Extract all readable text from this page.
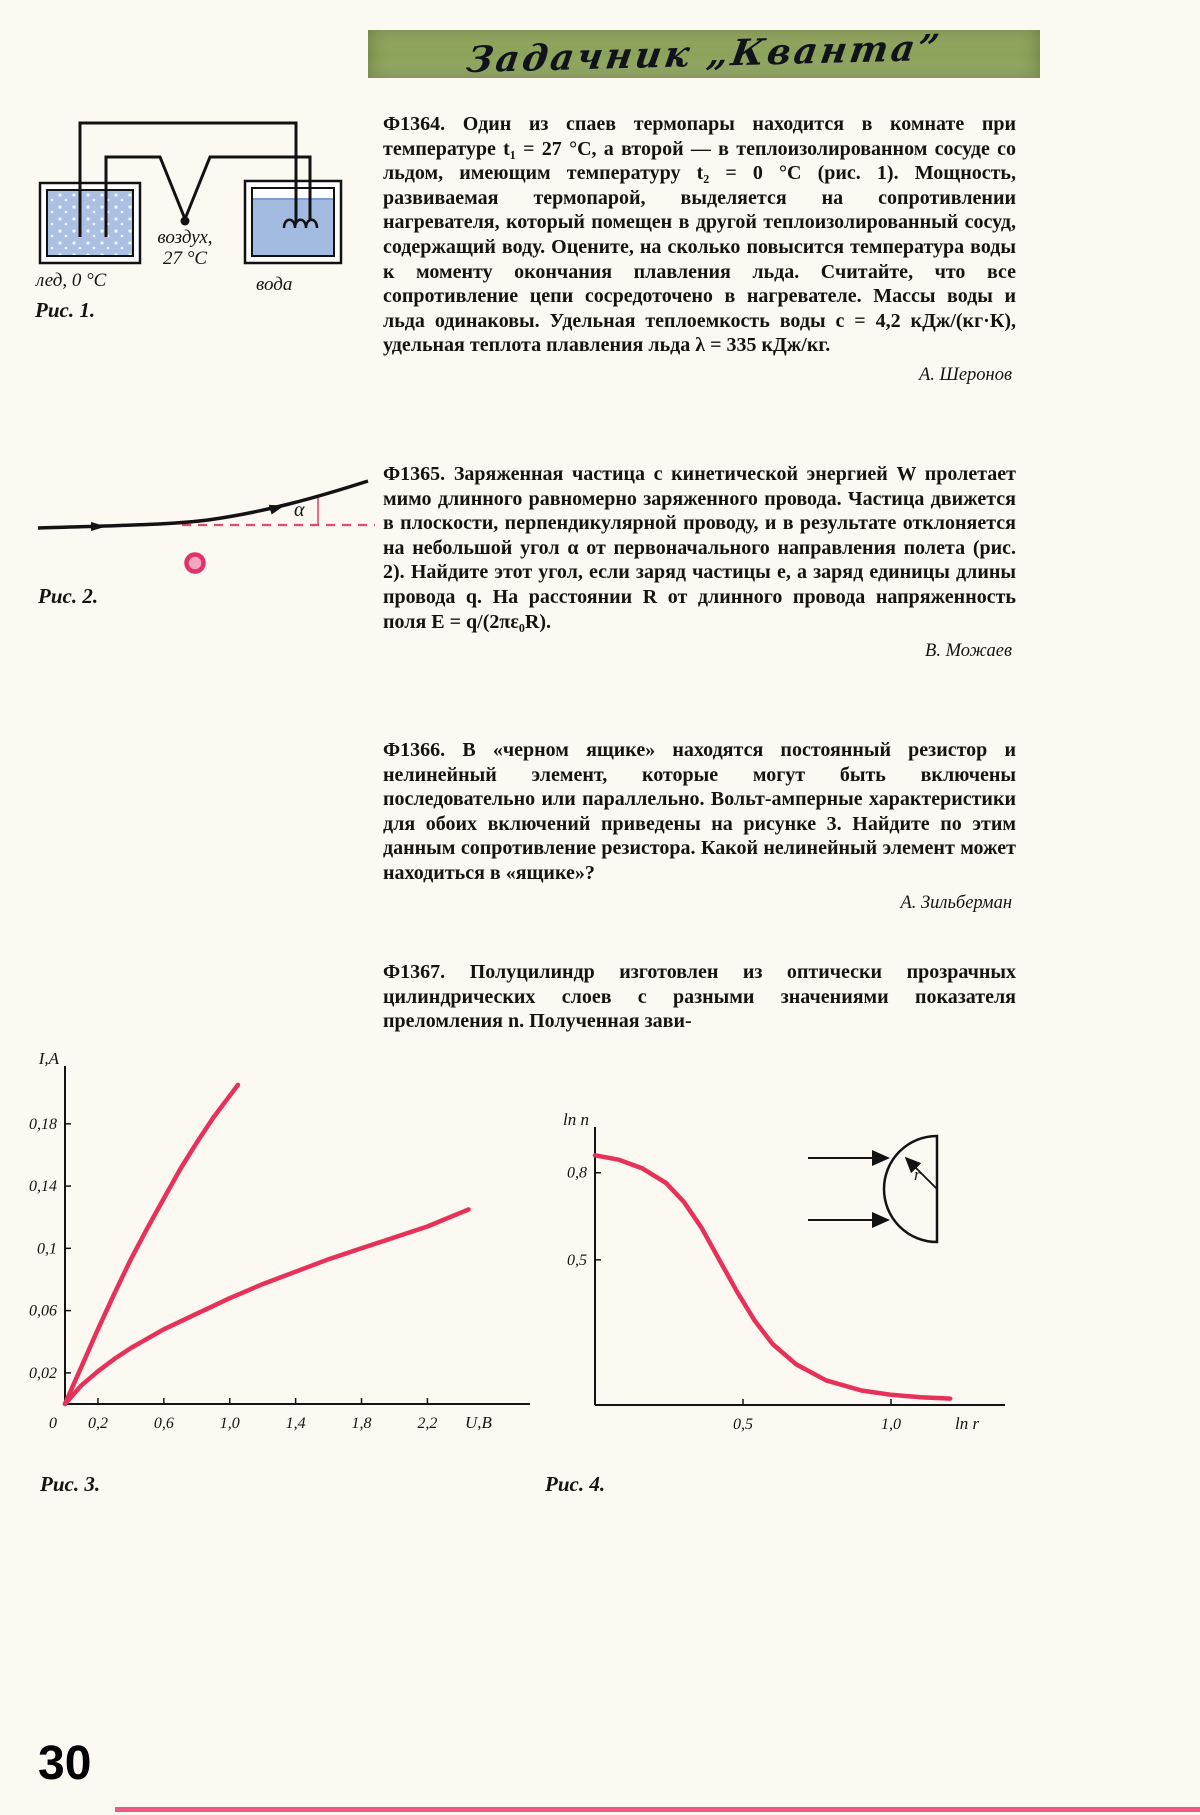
Задачник „Кванта”
воздух,
27 °C
лед, 0 °C	вода
Рис. 1.
α
Рис. 2.

Ф1364. Один из спаев термопары находится в комнате при температуре t₁ = 27 °C, а второй — в теплоизолированном сосуде со льдом, имеющим температуру t₂ = 0 °C (рис. 1). Мощность, развиваемая термопарой, выделяется на сопротивлении нагревателя, который помещен в другой теплоизолированный сосуд, содержащий воду. Оцените, на сколько повысится температура воды к моменту окончания плавления льда. Считайте, что все сопротивление цепи сосредоточено в нагревателе. Массы воды и льда одинаковы. Удельная теплоемкость воды c = 4,2 кДж/(кг·К), удельная теплота плавления льда λ = 335 кДж/кг.

А. Шеронов

Ф1365. Заряженная частица с кинетической энергией W пролетает мимо длинного равномерно заряженного провода. Частица движется в плоскости, перпендикулярной проводу, и в результате отклоняется на небольшой угол α от первоначального направления полета (рис. 2). Найдите этот угол, если заряд частицы e, а заряд единицы длины провода q. На расстоянии R от длинного провода напряженность поля E = q/(2πε₀R).

В. Можаев

Ф1366. В «черном ящике» находятся постоянный резистор и нелинейный элемент, которые могут быть включены последовательно или параллельно. Вольт-амперные характеристики для обоих включений приведены на рисунке 3. Найдите по этим данным сопротивление резистора. Какой нелинейный элемент может находиться в «ящике»?

А. Зильберман

Ф1367. Полуцилиндр изготовлен из оптически прозрачных цилиндрических слоев с разными значениями показателя преломления n. Полученная зави-

0,2	0,6	1,0	1,4	1,8	2,2
0,02
0,06
0,1
0,14
0,18
0
I,A
U,B
Рис. 3.
0,5	1,0
0,8
0,5
ln n
ln r
r
Рис. 4.
30
